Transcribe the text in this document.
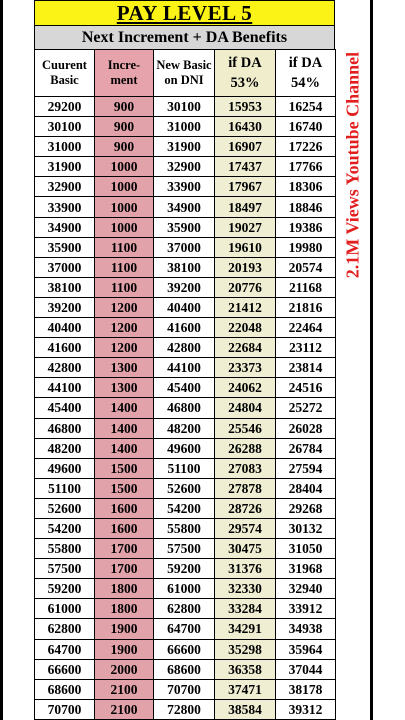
PAY LEVEL 5
Next Increment + DA Benefits
Cuurent Basic	Incre-ment	New Basic on DNI	if DA 53%	if DA 54%
29200	900	30100	15953	16254
30100	900	31000	16430	16740
31000	900	31900	16907	17226
31900	1000	32900	17437	17766
32900	1000	33900	17967	18306
33900	1000	34900	18497	18846
34900	1000	35900	19027	19386
35900	1100	37000	19610	19980
37000	1100	38100	20193	20574
38100	1100	39200	20776	21168
39200	1200	40400	21412	21816
40400	1200	41600	22048	22464
41600	1200	42800	22684	23112
42800	1300	44100	23373	23814
44100	1300	45400	24062	24516
45400	1400	46800	24804	25272
46800	1400	48200	25546	26028
48200	1400	49600	26288	26784
49600	1500	51100	27083	27594
51100	1500	52600	27878	28404
52600	1600	54200	28726	29268
54200	1600	55800	29574	30132
55800	1700	57500	30475	31050
57500	1700	59200	31376	31968
59200	1800	61000	32330	32940
61000	1800	62800	33284	33912
62800	1900	64700	34291	34938
64700	1900	66600	35298	35964
66600	2000	68600	36358	37044
68600	2100	70700	37471	38178
70700	2100	72800	38584	39312
2.1M Views Youtube Channel
